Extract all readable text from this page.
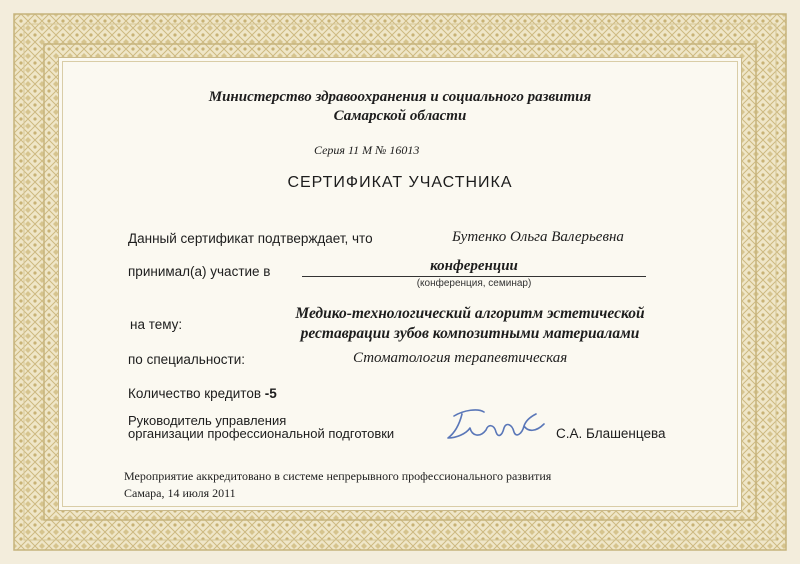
Министерство здравоохранения и социального развития
Самарской области
Серия 11 М № 16013
СЕРТИФИКАТ УЧАСТНИКА
Данный сертификат подтверждает, что	Бутенко Ольга Валерьевна
принимал(а) участие в	конференции
(конференция, семинар)
на тему:
Медико-технологический алгоритм эстетической
реставрации зубов композитными материалами
по специальности:	Стоматология терапевтическая
Количество кредитов -5
Руководитель управления
организации профессиональной подготовки	С.А. Блашенцева
Мероприятие аккредитовано в системе непрерывного профессионального развития
Самара, 14 июля 2011
